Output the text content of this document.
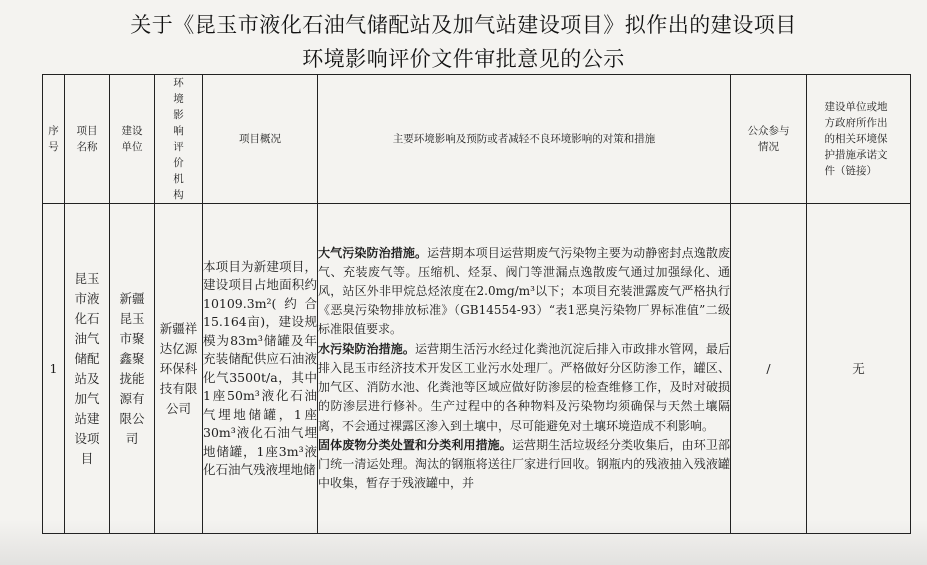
关于《昆玉市液化石油气储配站及加气站建设项目》拟作出的建设项目
环境影响评价文件审批意见的公示
序号	项目名称	建设单位	环境影响评价机构	项目概况	主要环境影响及预防或者减轻不良环境影响的对策和措施	公众参与情况	建设单位或地方政府所作出的相关环境保护措施承诺文件（链接）
1	昆玉市液化石油气储配站及加气站建设项目	新疆昆玉市聚鑫聚拢能源有限公司	新疆祥达亿源环保科技有限公司	本项目为新建项目，建设项目占地面积约10109.3m²(约合15.164亩)，建设规模为83m³储罐及年充装储配供应石油液化气3500t/a，其中1座50m³液化石油气埋地储罐，1座30m³液化石油气埋地储罐，1座3m³液化石油气残液埋地储	大气污染防治措施。运营期本项目运营期废气污染物主要为动静密封点逸散废气、充装废气等。压缩机、烃泵、阀门等泄漏点逸散废气通过加强绿化、通风，站区外非甲烷总烃浓度在2.0mg/m³以下；本项目充装泄露废气严格执行《恶臭污染物排放标准》（GB14554-93）“表1恶臭污染物厂界标准值”二级标准限值要求。
水污染防治措施。运营期生活污水经过化粪池沉淀后排入市政排水管网，最后排入昆玉市经济技术开发区工业污水处理厂。严格做好分区防渗工作，罐区、加气区、消防水池、化粪池等区域应做好防渗层的检查维修工作，及时对破损的防渗层进行修补。生产过程中的各种物料及污染物均须确保与天然土壤隔离，不会通过裸露区渗入到土壤中，尽可能避免对土壤环境造成不利影响。
固体废物分类处置和分类利用措施。运营期生活垃圾经分类收集后，由环卫部门统一清运处理。淘汰的钢瓶将送往厂家进行回收。钢瓶内的残液抽入残液罐中收集，暂存于残液罐中，并	/	无
